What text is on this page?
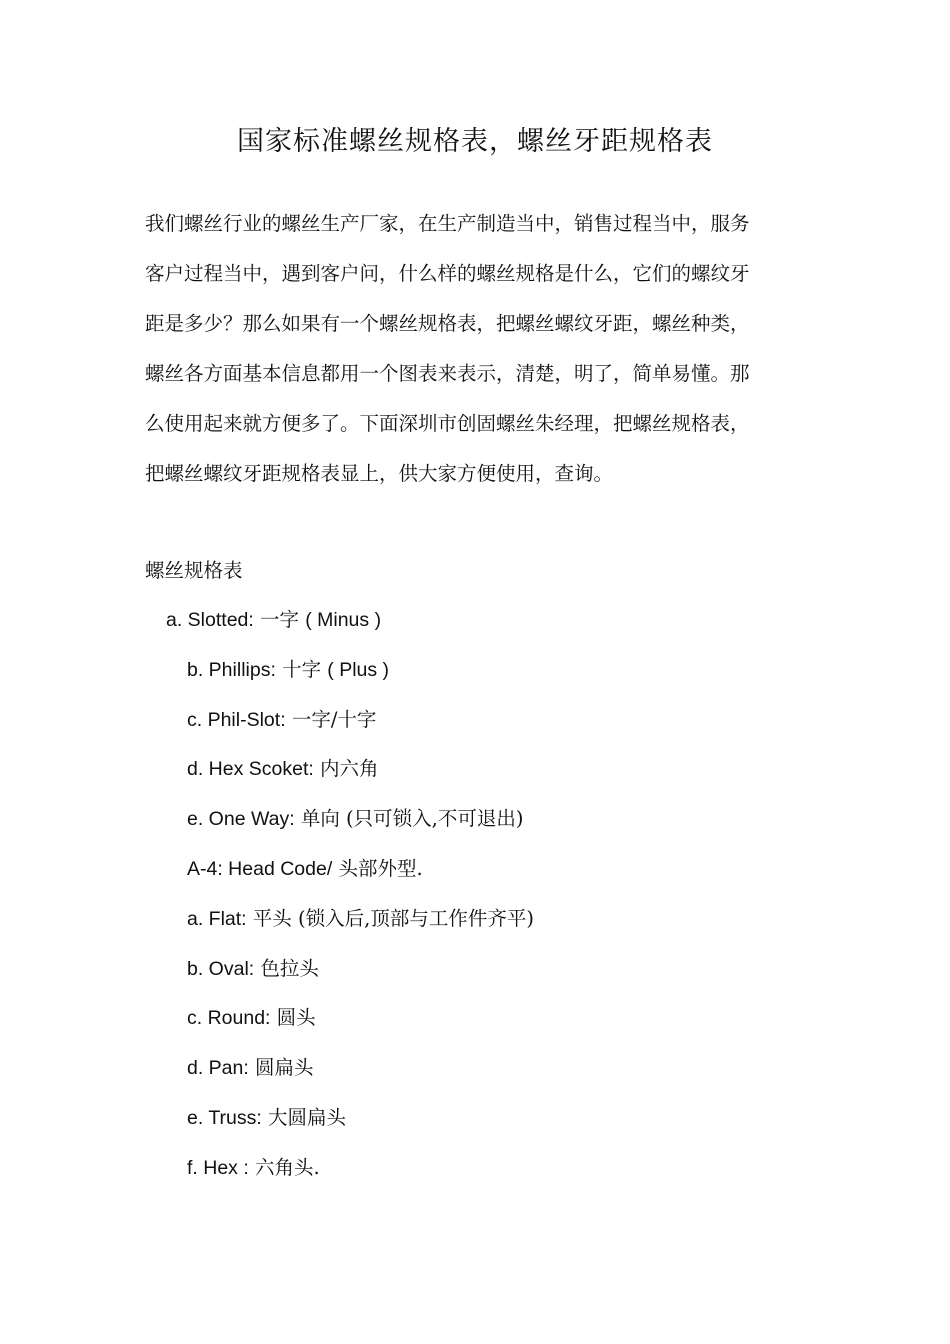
国家标准螺丝规格表，螺丝牙距规格表
我们螺丝行业的螺丝生产厂家，在生产制造当中，销售过程当中，服务
客户过程当中，遇到客户问，什么样的螺丝规格是什么，它们的螺纹牙
距是多少？那么如果有一个螺丝规格表，把螺丝螺纹牙距，螺丝种类，
螺丝各方面基本信息都用一个图表来表示，清楚，明了，简单易懂。那
么使用起来就方便多了。下面深圳市创固螺丝朱经理，把螺丝规格表，
把螺丝螺纹牙距规格表显上，供大家方便使用，查询。
螺丝规格表
a. Slotted: 一字 ( Minus )
b. Phillips: 十字 ( Plus )
c. Phil-Slot: 一字/十字
d. Hex Scoket: 内六角
e. One Way: 单向 (只可锁入,不可退出)
A-4: Head Code/ 头部外型.
a. Flat: 平头 (锁入后,顶部与工作件齐平)
b. Oval: 色拉头
c. Round: 圆头
d. Pan: 圆扁头
e. Truss: 大圆扁头
f. Hex : 六角头.
